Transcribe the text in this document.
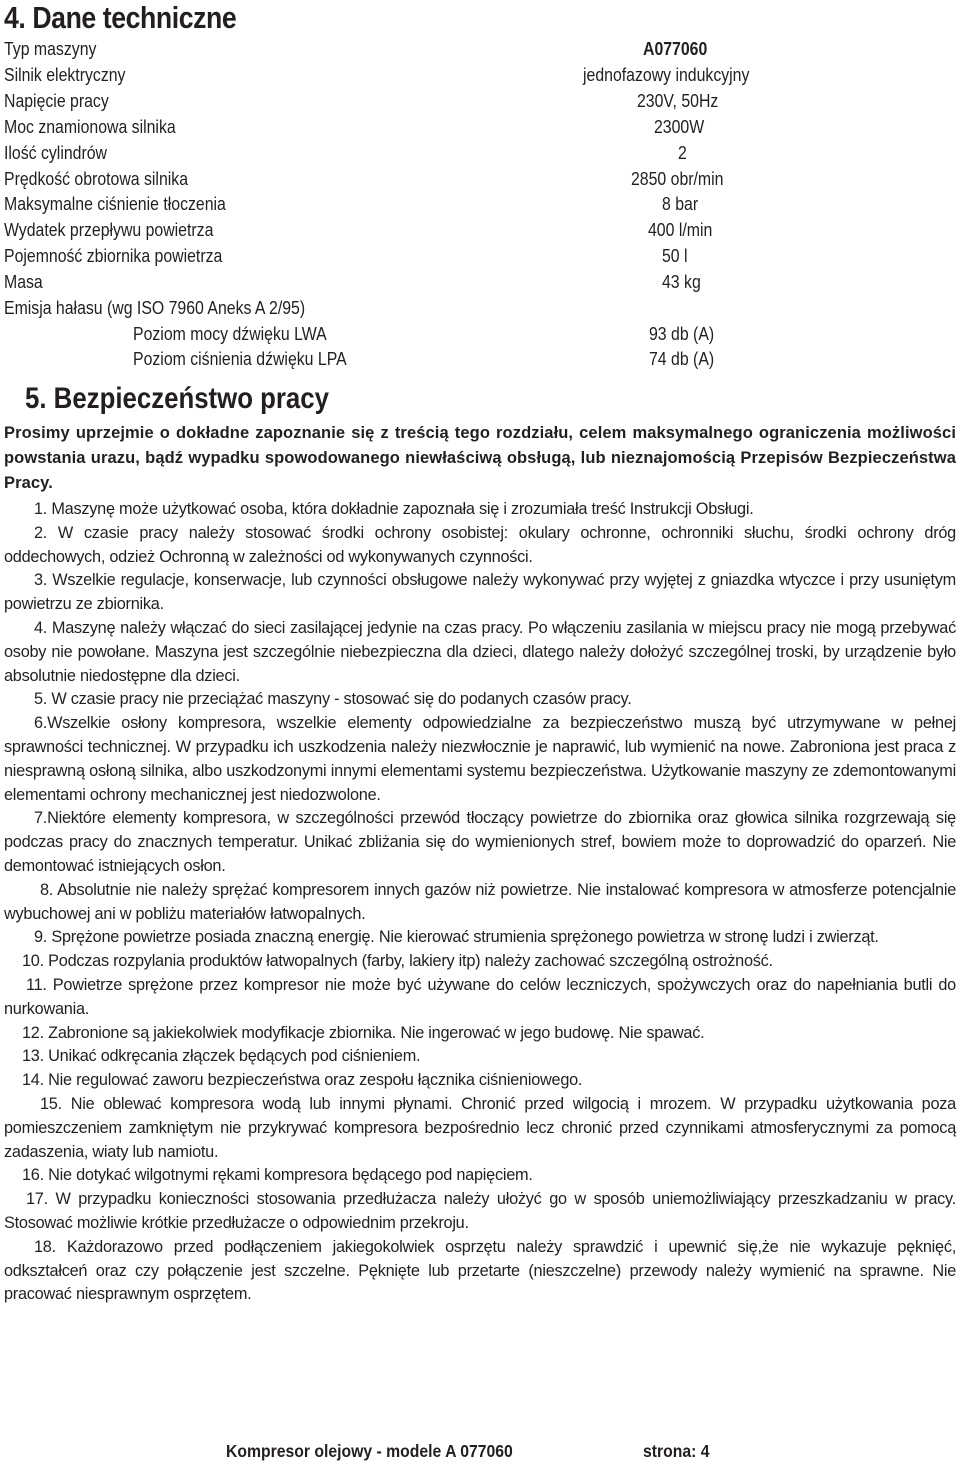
4. Dane techniczne
Typ maszyny	A077060
Silnik elektryczny	jednofazowy indukcyjny
Napięcie pracy	230V, 50Hz
Moc znamionowa silnika	2300W
Ilość cylindrów	2
Prędkość obrotowa silnika	2850 obr/min
Maksymalne ciśnienie tłoczenia	8 bar
Wydatek przepływu powietrza	400 l/min
Pojemność zbiornika powietrza	50 l
Masa	43 kg
Emisja hałasu (wg ISO 7960 Aneks A 2/95)
Poziom mocy dźwięku LWA	93 db (A)
Poziom ciśnienia dźwięku LPA	74 db (A)
5. Bezpieczeństwo pracy

Prosimy uprzejmie o dokładne zapoznanie się z treścią tego rozdziału, celem maksymalnego ograniczenia możliwości powstania urazu, bądź wypadku spowodowanego niewłaściwą obsługą, lub nieznajomością Przepisów Bezpieczeństwa Pracy.

1. Maszynę może użytkować osoba, która dokładnie zapoznała się i zrozumiała treść Instrukcji Obsługi.

2. W czasie pracy należy stosować środki ochrony osobistej: okulary ochronne, ochronniki słuchu, środki ochrony dróg oddechowych, odzież Ochronną w zależności od wykonywanych czynności.

3. Wszelkie regulacje, konserwacje, lub czynności obsługowe należy wykonywać przy wyjętej z gniazdka wtyczce i przy usuniętym powietrzu ze zbiornika.

4. Maszynę należy włączać do sieci zasilającej jedynie na czas pracy. Po włączeniu zasilania w miejscu pracy nie mogą przebywać osoby nie powołane. Maszyna jest szczególnie niebezpieczna dla dzieci, dlatego należy dołożyć szczególnej troski, by urządzenie było absolutnie niedostępne dla dzieci.

5. W czasie pracy nie przeciążać maszyny - stosować się do podanych czasów pracy.

6.Wszelkie osłony kompresora, wszelkie elementy odpowiedzialne za bezpieczeństwo muszą być utrzymywane w pełnej sprawności technicznej. W przypadku ich uszkodzenia należy niezwłocznie je naprawić, lub wymienić na nowe. Zabroniona jest praca z niesprawną osłoną silnika, albo uszkodzonymi innymi elementami systemu bezpieczeństwa. Użytkowanie maszyny ze zdemontowanymi elementami ochrony mechanicznej jest niedozwolone.

7.Niektóre elementy kompresora, w szczególności przewód tłoczący powietrze do zbiornika oraz głowica silnika rozgrzewają się podczas pracy do znacznych temperatur. Unikać zbliżania się do wymienionych stref, bowiem może to doprowadzić do oparzeń. Nie demontować istniejących osłon.

8. Absolutnie nie należy sprężać kompresorem innych gazów niż powietrze. Nie instalować kompresora w atmosferze potencjalnie wybuchowej ani w pobliżu materiałów łatwopalnych.

9. Sprężone powietrze posiada znaczną energię. Nie kierować strumienia sprężonego powietrza w stronę ludzi i zwierząt.

10. Podczas rozpylania produktów łatwopalnych (farby, lakiery itp) należy zachować szczególną ostrożność.

11. Powietrze sprężone przez kompresor nie może być używane do celów leczniczych, spożywczych oraz do napełniania butli do nurkowania.

12. Zabronione są jakiekolwiek modyfikacje zbiornika. Nie ingerować w jego budowę. Nie spawać.

13. Unikać odkręcania złączek będących pod ciśnieniem.

14. Nie regulować zaworu bezpieczeństwa oraz zespołu łącznika ciśnieniowego.

15. Nie oblewać kompresora wodą lub innymi płynami. Chronić przed wilgocią i mrozem. W przypadku użytkowania poza pomieszczeniem zamkniętym nie przykrywać kompresora bezpośrednio lecz chronić przed czynnikami atmosferycznymi za pomocą zadaszenia, wiaty lub namiotu.

16. Nie dotykać wilgotnymi rękami kompresora będącego pod napięciem.

17. W przypadku konieczności stosowania przedłużacza należy ułożyć go w sposób uniemożliwiający przeszkadzaniu w pracy. Stosować możliwie krótkie przedłużacze o odpowiednim przekroju.

18. Każdorazowo przed podłączeniem jakiegokolwiek osprzętu należy sprawdzić i upewnić się,że nie wykazuje pęknięć, odkształceń oraz czy połączenie jest szczelne. Pęknięte lub przetarte (nieszczelne) przewody należy wymienić na sprawne. Nie pracować niesprawnym osprzętem.

Kompresor olejowy - modele A 077060	strona: 4
